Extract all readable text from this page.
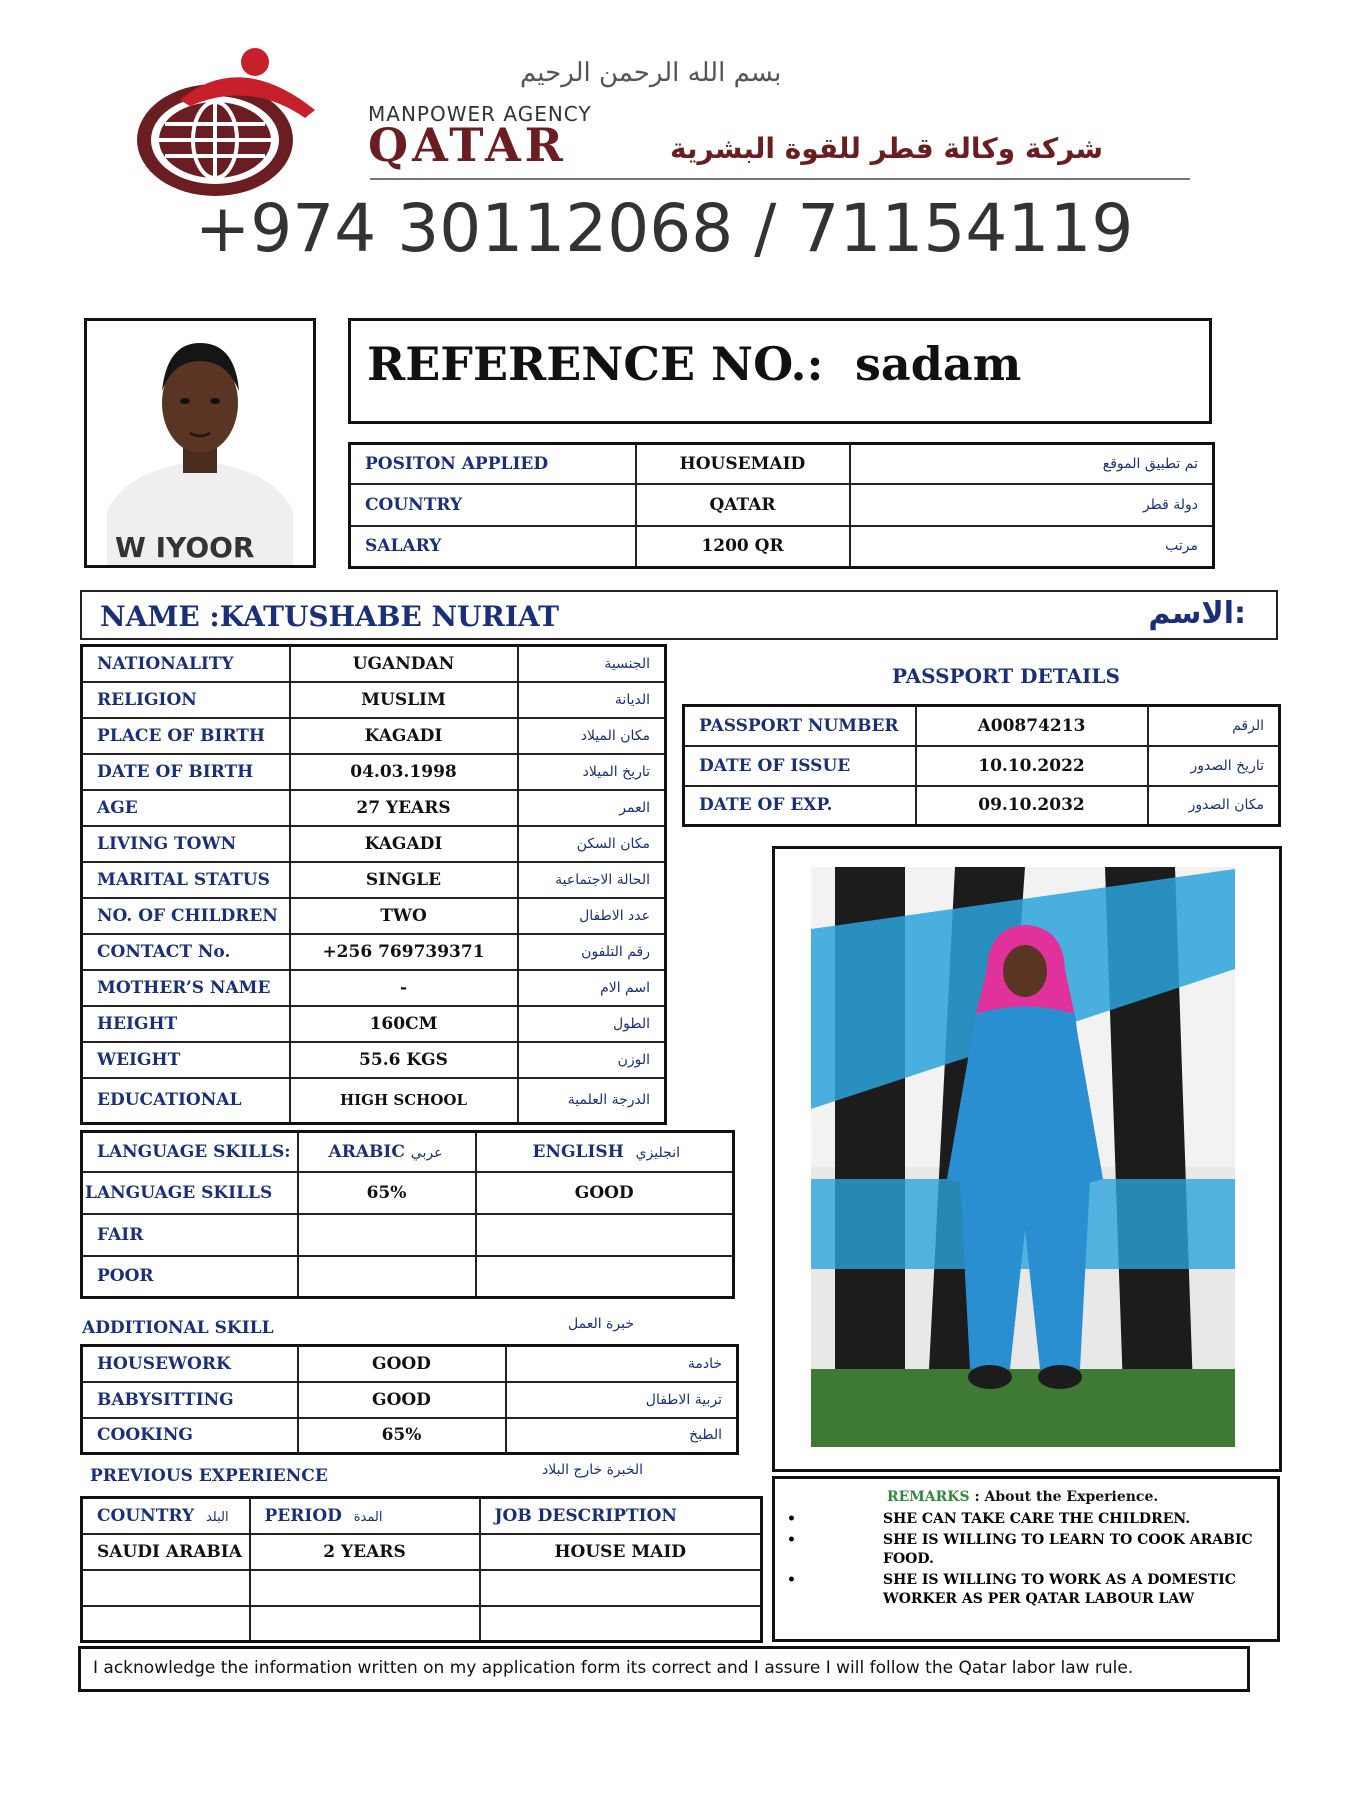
بسم الله الرحمن الرحيم
MANPOWER AGENCY
QATAR	شركة وكالة قطر للقوة البشرية
+974 30112068 / 71154119
W IYOOR
REFERENCE NO.: sadam
POSITON APPLIED	HOUSEMAID	تم تطبيق الموقع
COUNTRY	QATAR	دولة قطر
SALARY	1200 QR	مرتب
NAME :KATUSHABE NURIAT	الاسم:
NATIONALITY	UGANDAN	الجنسية
RELIGION	MUSLIM	الديانة
PLACE OF BIRTH	KAGADI	مكان الميلاد
DATE OF BIRTH	04.03.1998	تاريخ الميلاد
AGE	27 YEARS	العمر
LIVING TOWN	KAGADI	مكان السكن
MARITAL STATUS	SINGLE	الحالة الاجتماعية
NO. OF CHILDREN	TWO	عدد الاطفال
CONTACT No.	+256 769739371	رقم التلفون
MOTHER’S NAME	-	اسم الام
HEIGHT	160CM	الطول
WEIGHT	55.6 KGS	الوزن
EDUCATIONAL	HIGH SCHOOL	الدرجة العلمية
PASSPORT DETAILS
PASSPORT NUMBER	A00874213	الرقم
DATE OF ISSUE	10.10.2022	تاريخ الصدور
DATE OF EXP.	09.10.2032	مكان الصدور
LANGUAGE SKILLS:	ARABIC عربي	ENGLISH انجليزي
LANGUAGE SKILLS	65%	GOOD
FAIR		
POOR		
ADDITIONAL SKILL	خبرة العمل
HOUSEWORK	GOOD	خادمة
BABYSITTING	GOOD	تربية الاطفال
COOKING	65%	الطبخ
PREVIOUS EXPERIENCE	الخبرة خارج البلاد
COUNTRY البلد	PERIOD المدة	JOB DESCRIPTION
SAUDI ARABIA	2 YEARS	HOUSE MAID

REMARKS : About the Experience.
•	SHE CAN TAKE CARE THE CHILDREN.
•	SHE IS WILLING TO LEARN TO COOK ARABIC FOOD.
•	SHE IS WILLING TO WORK AS A DOMESTIC WORKER AS PER QATAR LABOUR LAW
I acknowledge the information written on my application form its correct and I assure I will follow the Qatar labor law rule.
